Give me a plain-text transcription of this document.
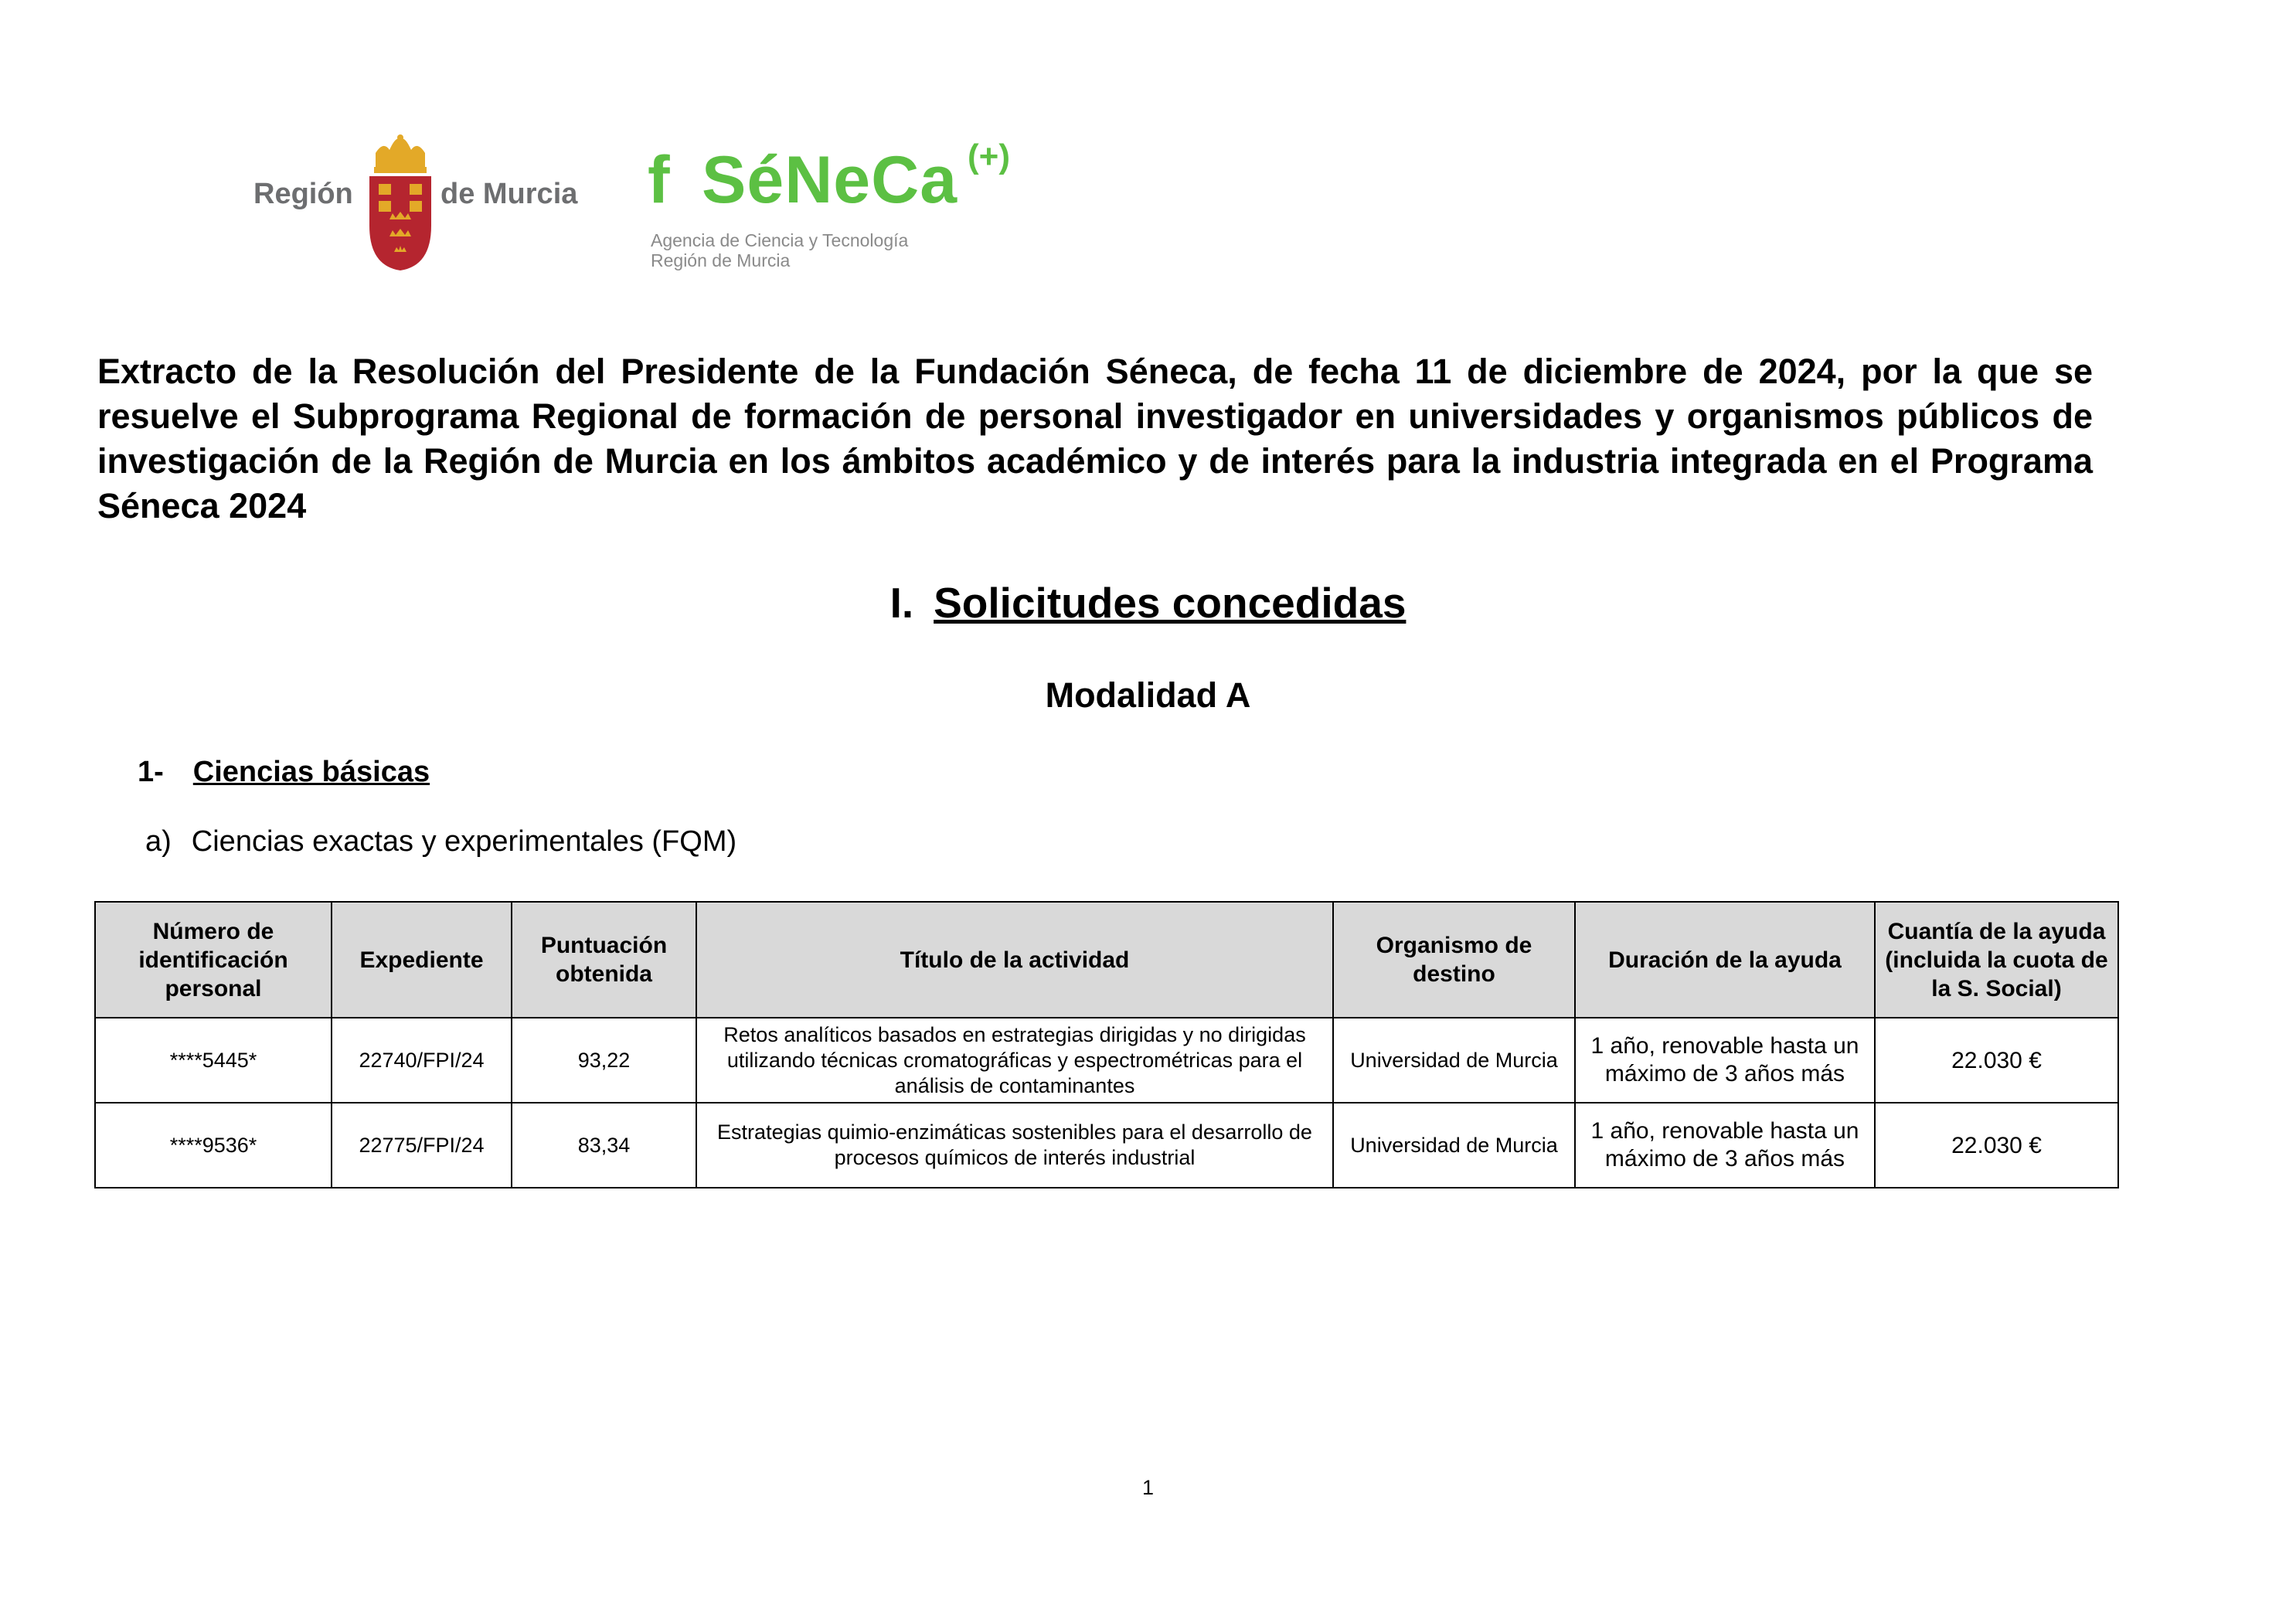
Región	de Murcia f SéNeCa (+)
Agencia de Ciencia y Tecnología
Región de Murcia
Extracto de la Resolución del Presidente de la Fundación Séneca, de fecha 11 de diciembre de 2024, por la que se resuelve el Subprograma Regional de formación de personal investigador en universidades y organismos públicos de investigación de la Región de Murcia en los ámbitos académico y de interés para la industria integrada en el Programa Séneca 2024
I. Solicitudes concedidas
Modalidad A
1- Ciencias básicas
a) Ciencias exactas y experimentales (FQM)
Número de identificación personal	Expediente	Puntuación obtenida	Título de la actividad	Organismo de destino	Duración de la ayuda	Cuantía de la ayuda (incluida la cuota de la S. Social)
****5445*	22740/FPI/24	93,22	Retos analíticos basados en estrategias dirigidas y no dirigidas utilizando técnicas cromatográficas y espectrométricas para el análisis de contaminantes	Universidad de Murcia	1 año, renovable hasta un máximo de 3 años más	22.030 €
****9536*	22775/FPI/24	83,34	Estrategias quimio-enzimáticas sostenibles para el desarrollo de procesos químicos de interés industrial	Universidad de Murcia	1 año, renovable hasta un máximo de 3 años más	22.030 €
1
